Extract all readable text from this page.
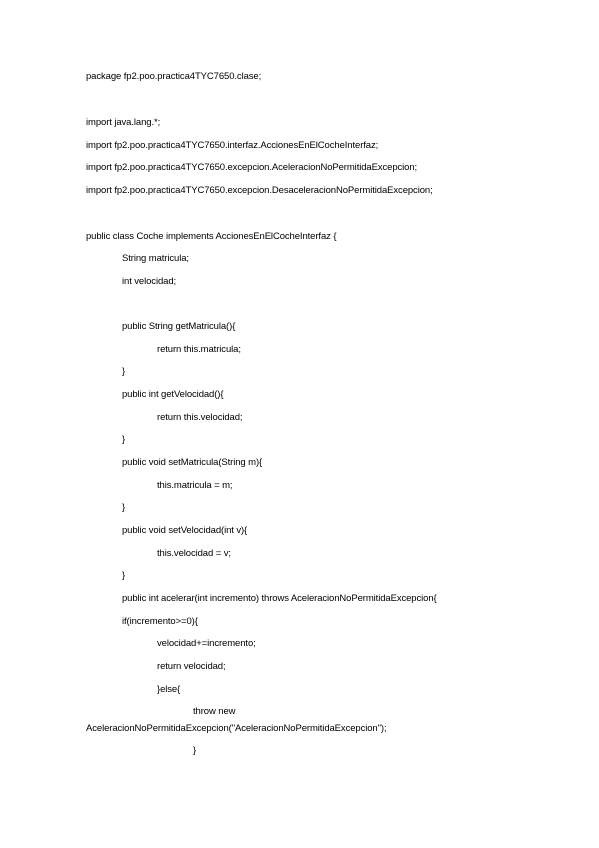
package fp2.poo.practica4TYC7650.clase;
import java.lang.*;
import fp2.poo.practica4TYC7650.interfaz.AccionesEnElCocheInterfaz;
import fp2.poo.practica4TYC7650.excepcion.AceleracionNoPermitidaExcepcion;
import fp2.poo.practica4TYC7650.excepcion.DesaceleracionNoPermitidaExcepcion;
public class Coche implements AccionesEnElCocheInterfaz {
String matricula;
int velocidad;
public String getMatricula(){
return this.matricula;
}
public int getVelocidad(){
return this.velocidad;
}
public void setMatricula(String m){
this.matricula = m;
}
public void setVelocidad(int v){
this.velocidad = v;
}
public int acelerar(int incremento) throws AceleracionNoPermitidaExcepcion{
if(incremento>=0){
velocidad+=incremento;
return velocidad;
}else{
throw new
AceleracionNoPermitidaExcepcion("AceleracionNoPermitidaExcepcion");
}
